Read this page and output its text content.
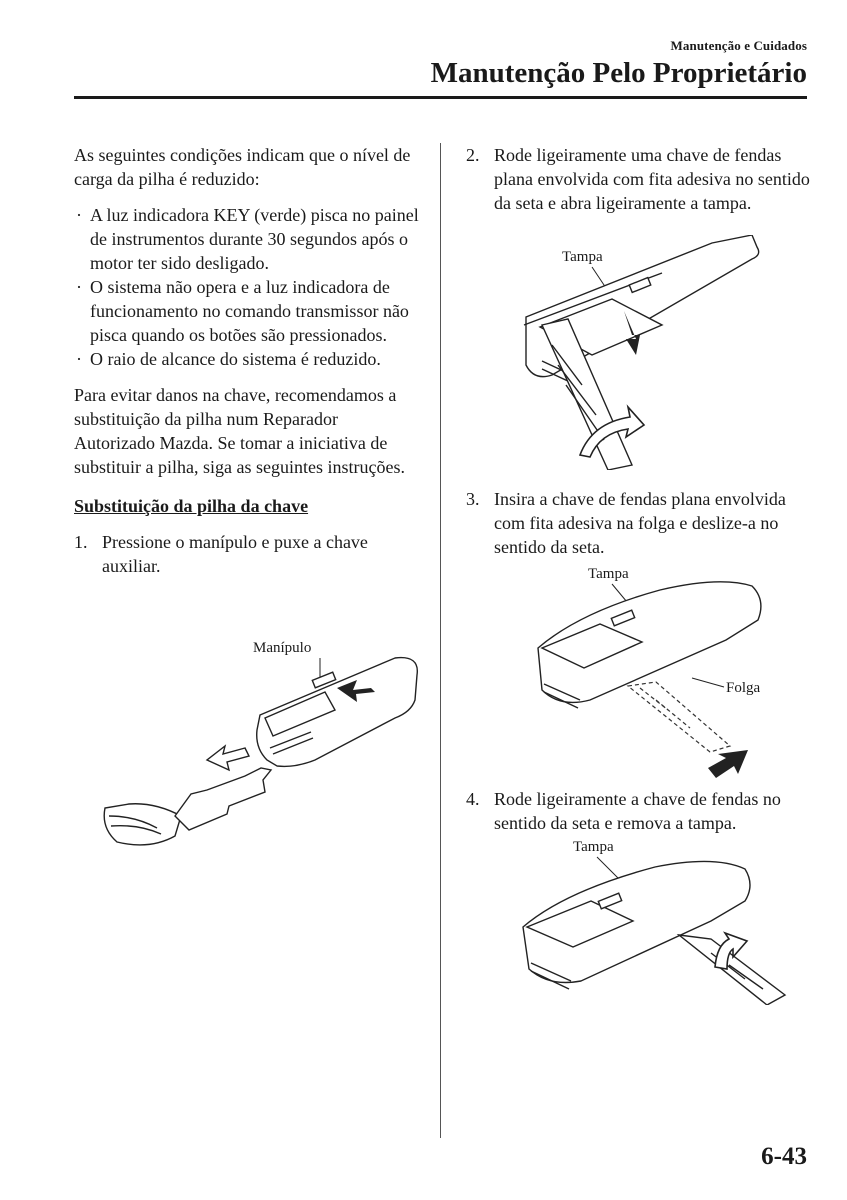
Manutenção e Cuidados
Manutenção Pelo Proprietário

As seguintes condições indicam que o nível de carga da pilha é reduzido:

· A luz indicadora KEY (verde) pisca no painel de instrumentos durante 30 segundos após o motor ter sido desligado.
· O sistema não opera e a luz indicadora de funcionamento no comando transmissor não pisca quando os botões são pressionados.
· O raio de alcance do sistema é reduzido.

Para evitar danos na chave, recomendamos a substituição da pilha num Reparador Autorizado Mazda. Se tomar a iniciativa de substituir a pilha, siga as seguintes instruções.

Substituição da pilha da chave

1. Pressione o manípulo e puxe a chave auxiliar.

Manípulo

2. Rode ligeiramente uma chave de fendas plana envolvida com fita adesiva no sentido da seta e abra ligeiramente a tampa.

Tampa

3. Insira a chave de fendas plana envolvida com fita adesiva na folga e deslize-a no sentido da seta.

Tampa
Folga

4. Rode ligeiramente a chave de fendas no sentido da seta e remova a tampa.

Tampa
6-43
